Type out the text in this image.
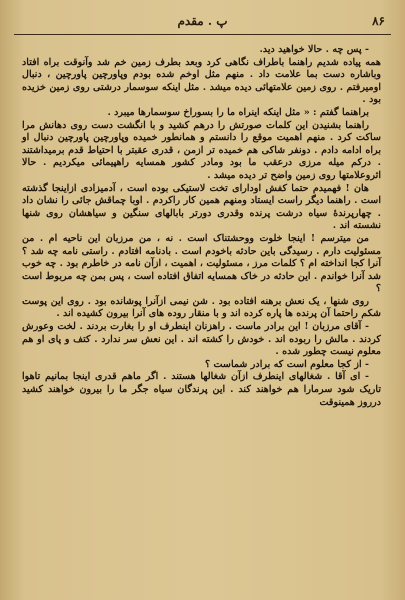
۸۶
پ . مقدم

- پس چه . حالا خواهید دید.

همه پیاده شدیم راهنما باطراف نگاهی کرد وبعد بطرف زمین خم شد وآنوقت براه افتاد وباشاره دست بما علامت داد . منهم مثل اوخم شده بودم وپاورچین پاورچین ، دنبال اومیرفتم . روی زمین علامتهائی دیده میشد . مثل اینکه سوسمار درشتی روی زمین خزیده بود .

براهنما گفتم : « مثل اینکه اینراه ما را بسوراخ سوسمارها میبرد .

راهنما بشنیدن این کلمات صورتش را درهم کشید و با انگشت دست روی دهانش مرا ساکت کرد . منهم اهمیت موقع را دانستم و همانطور خمیده وپاورچین پاورچین دنبال او براه ادامه دادم . دونفر شاکی هم خمیده تر ازمن ، قدری عقبتر با احتیاط قدم برمیداشتند . درکم میله مرزی درعقب ما بود ومادر کشور همسایه راهپیمائی میکردیم . حالا اثروعلامتها روی زمین واضح تر دیده میشد .

هان ! فهمیدم حتما کفش اودارای تخت لاستیکی بوده است ، آدمیزادی ازاینجا گذشته است . راهنما دیگر راست ایستاد ومنهم همین کار راکردم . اوبا چماقش جائی را نشان داد . چهارپرندهٔ سیاه درشت پرنده وقدری دورتر بابالهای سنگین و سیاهشان روی شنها نشسته اند .

من میترسم ! اینجا خلوت ووحشتناک است . نه ، من مرزبان این ناحیه ام . من مسئولیت دارم . رسیدگی باین حادثه باخودم است . بادنامه افتادم . راستی نامه چه شد ؟ آنرا کجا انداخته ام ؟ کلمات مرز ، مسئولیت ، اهمیت ، ازآن نامه در خاطرم بود . چه خوب شد آنرا خواندم . این حادثه در خاک همسایه اتفاق افتاده است ، پس بمن چه مربوط است ؟

روی شنها ، یک نعش برهنه افتاده بود . شن نیمی ازآنرا پوشانده بود . روی این پوست شکم راحتما آن پرنده ها پاره کرده اند و با منقار روده های آنرا بیرون کشیده اند .

- آقای مرزبان ! این برادر ماست . راهزنان اینطرف او را بغارت بردند . لخت وعورش کردند . مالش را ربوده اند . خودش را کشته اند . این نعش سر ندارد . کتف و پای او هم معلوم نیست چطور شده .

- از کجا معلوم است که برادر شماست ؟

- ای آقا . شغالهای اینطرف ازآن شغالها هستند . اگر ماهم قدری اینجا بمانیم تاهوا تاریک شود سرمارا هم خواهند کند . این پرندگان سیاه جگر ما را بیرون خواهند کشید درروز همینوقت
